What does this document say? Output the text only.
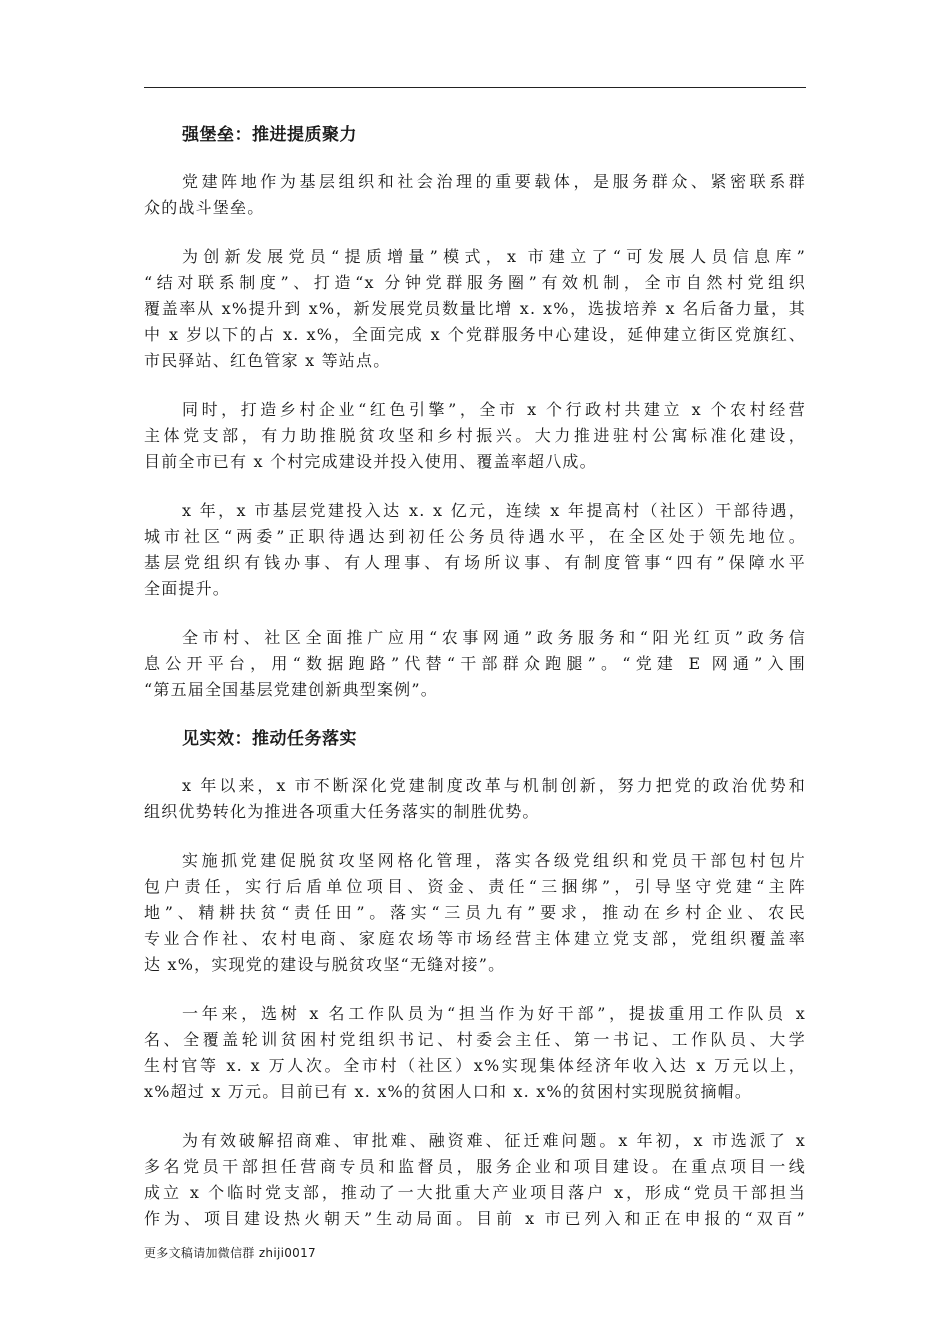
强堡垒：推进提质聚力
党建阵地作为基层组织和社会治理的重要载体，是服务群众、紧密联系群
众的战斗堡垒。
为创新发展党员“提质增量”模式，x 市建立了“可发展人员信息库”
“结对联系制度”、打造“x 分钟党群服务圈”有效机制，全市自然村党组织
覆盖率从 x%提升到 x%，新发展党员数量比增 x. x%，选拔培养 x 名后备力量，其
中 x 岁以下的占 x. x%，全面完成 x 个党群服务中心建设，延伸建立街区党旗红、
市民驿站、红色管家 x 等站点。
同时，打造乡村企业“红色引擎”，全市 x 个行政村共建立 x 个农村经营
主体党支部，有力助推脱贫攻坚和乡村振兴。大力推进驻村公寓标准化建设，
目前全市已有 x 个村完成建设并投入使用、覆盖率超八成。
x 年，x 市基层党建投入达 x. x 亿元，连续 x 年提高村（社区）干部待遇，
城市社区“两委”正职待遇达到初任公务员待遇水平，在全区处于领先地位。
基层党组织有钱办事、有人理事、有场所议事、有制度管事“四有”保障水平
全面提升。
全市村、社区全面推广应用“农事网通”政务服务和“阳光红页”政务信
息公开平台，用“数据跑路”代替“干部群众跑腿”。“党建 E 网通”入围
“第五届全国基层党建创新典型案例”。
见实效：推动任务落实
x 年以来，x 市不断深化党建制度改革与机制创新，努力把党的政治优势和
组织优势转化为推进各项重大任务落实的制胜优势。
实施抓党建促脱贫攻坚网格化管理，落实各级党组织和党员干部包村包片
包户责任，实行后盾单位项目、资金、责任“三捆绑”，引导坚守党建“主阵
地”、精耕扶贫“责任田”。落实“三员九有”要求，推动在乡村企业、农民
专业合作社、农村电商、家庭农场等市场经营主体建立党支部，党组织覆盖率
达 x%，实现党的建设与脱贫攻坚“无缝对接”。
一年来，选树 x 名工作队员为“担当作为好干部”，提拔重用工作队员 x
名、全覆盖轮训贫困村党组织书记、村委会主任、第一书记、工作队员、大学
生村官等 x. x 万人次。全市村（社区）x%实现集体经济年收入达 x 万元以上，
x%超过 x 万元。目前已有 x. x%的贫困人口和 x. x%的贫困村实现脱贫摘帽。
为有效破解招商难、审批难、融资难、征迁难问题。x 年初，x 市选派了 x
多名党员干部担任营商专员和监督员，服务企业和项目建设。在重点项目一线
成立 x 个临时党支部，推动了一大批重大产业项目落户 x，形成“党员干部担当
作为、项目建设热火朝天”生动局面。目前 x 市已列入和正在申报的“双百”
更多文稿请加微信群 zhiji0017
